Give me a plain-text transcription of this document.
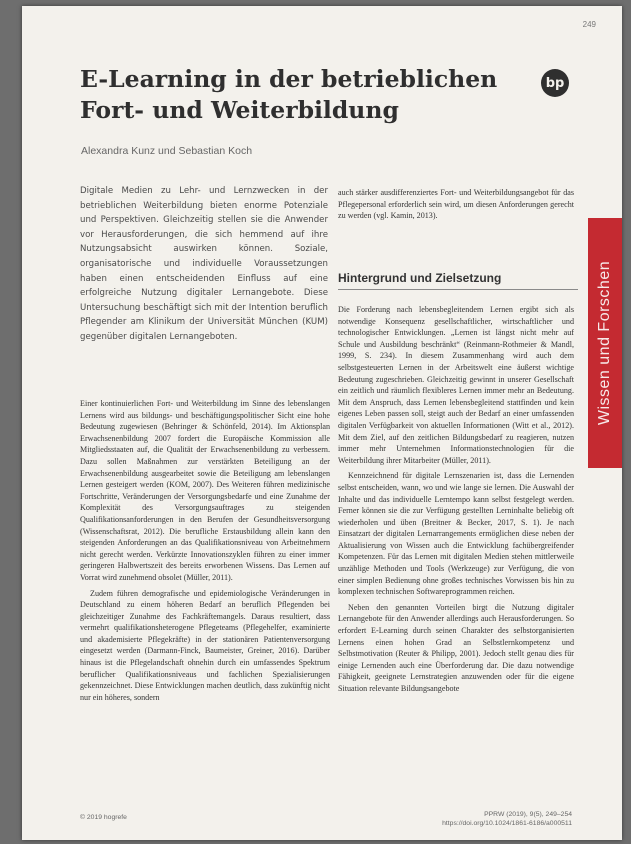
249
E-Learning in der betrieblichen
Fort- und Weiterbildung
bp
Alexandra Kunz und Sebastian Koch
Wissen und Forschen

Digitale Medien zu Lehr- und Lernzwecken in der betrieblichen Weiterbildung bieten enorme Potenziale und Perspektiven. Gleichzeitig stellen sie die Anwender vor Herausforderungen, die sich hemmend auf ihre Nutzungsabsicht auswirken können. Soziale, organisatorische und individuelle Voraussetzungen haben einen entscheidenden Einfluss auf eine erfolgreiche Nutzung digitaler Lernangebote. Diese Untersuchung beschäftigt sich mit der Intention beruflich Pflegender am Klinikum der Universität München (KUM) gegenüber digitalen Lernangeboten.

Einer kontinuierlichen Fort- und Weiterbildung im Sinne des lebenslangen Lernens wird aus bildungs- und beschäftigungspolitischer Sicht eine hohe Bedeutung zugewiesen (Behringer & Schönfeld, 2014). Im Aktionsplan Erwachsenenbildung 2007 fordert die Europäische Kommission alle Mitgliedsstaaten auf, die Qualität der Erwachsenenbildung zu verbessern. Dazu sollen Maßnahmen zur verstärkten Beteiligung an der Erwachsenenbildung ausgearbeitet sowie die Beteiligung am lebenslangen Lernen gesteigert werden (KOM, 2007). Des Weiteren führen medizinische Fortschritte, Veränderungen der Versorgungsbedarfe und eine Zunahme der Komplexität des Versorgungsauftrages zu steigenden Qualifikationsanforderungen in den Berufen der Gesundheitsversorgung (Wissenschaftsrat, 2012). Die berufliche Erstausbildung allein kann den steigenden Anforderungen an das Qualifikationsniveau von Arbeitnehmern nicht gerecht werden. Verkürzte Innovationszyklen führen zu einer immer geringeren Halbwertszeit des bereits erworbenen Wissens. Das Lernen auf Vorrat wird zunehmend obsolet (Müller, 2011).

Zudem führen demografische und epidemiologische Veränderungen in Deutschland zu einem höheren Bedarf an beruflich Pflegenden bei gleichzeitiger Zunahme des Fachkräftemangels. Daraus resultiert, dass vermehrt qualifikationsheterogene Pflegeteams (Pflegehelfer, examinierte und akademisierte Pflegekräfte) in der stationären Patientenversorgung eingesetzt werden (Darmann-Finck, Baumeister, Greiner, 2016). Darüber hinaus ist die Pflegelandschaft ohnehin durch ein umfassendes Spektrum beruflicher Qualifikationsniveaus und fachlichen Spezialisierungen gekennzeichnet. Diese Entwicklungen machen deutlich, dass zukünftig nicht nur ein höheres, sondern

auch stärker ausdifferenziertes Fort- und Weiterbildungsangebot für das Pflegepersonal erforderlich sein wird, um diesen Anforderungen gerecht zu werden (vgl. Kamin, 2013).

Hintergrund und Zielsetzung

Die Forderung nach lebensbegleitendem Lernen ergibt sich als notwendige Konsequenz gesellschaftlicher, wirtschaftlicher und technologischer Entwicklungen. „Lernen ist längst nicht mehr auf Schule und Ausbildung beschränkt“ (Reinmann-Rothmeier & Mandl, 1999, S. 234). In diesem Zusammenhang wird auch dem selbstgesteuerten Lernen in der Arbeitswelt eine äußerst wichtige Bedeutung zugeschrieben. Gleichzeitig gewinnt in unserer Gesellschaft ein zeitlich und räumlich flexibleres Lernen immer mehr an Bedeutung. Mit dem Anspruch, dass Lernen lebensbegleitend stattfinden und kein eigenes Leben passen soll, steigt auch der Bedarf an einer umfassenden digitalen Verfügbarkeit von aktuellen Informationen (Witt et al., 2012). Mit dem Ziel, auf den zeitlichen Bildungsbedarf zu reagieren, nutzen immer mehr Unternehmen Informationstechnologien für die Weiterbildung ihrer Mitarbeiter (Müller, 2011).

Kennzeichnend für digitale Lernszenarien ist, dass die Lernenden selbst entscheiden, wann, wo und wie lange sie lernen. Die Auswahl der Inhalte und das individuelle Lerntempo kann selbst festgelegt werden. Ferner können sie die zur Verfügung gestellten Lerninhalte beliebig oft wiederholen und üben (Breitner & Becker, 2017, S. 1). Je nach Einsatzart der digitalen Lernarrangements ermöglichen diese neben der Aktualisierung von Wissen auch die Entwicklung fachübergreifender Kompetenzen. Für das Lernen mit digitalen Medien stehen mittlerweile unzählige Methoden und Tools (Werkzeuge) zur Verfügung, die von einer simplen Bedienung ohne großes technisches Vorwissen bis hin zu komplexen technischen Softwareprogrammen reichen.

Neben den genannten Vorteilen birgt die Nutzung digitaler Lernangebote für den Anwender allerdings auch Herausforderungen. So erfordert E-Learning durch seinen Charakter des selbstorganisierten Lernens einen hohen Grad an Selbstlernkompetenz und Selbstmotivation (Reuter & Philipp, 2001). Jedoch stellt genau dies für einige Lernenden auch eine Überforderung dar. Die dazu notwendige Fähigkeit, geeignete Lernstrategien anzuwenden oder für die eigene Situation relevante Bildungsangebote

© 2019 hogrefe	PPRW (2019), 9(5), 249–254
https://doi.org/10.1024/1861-6186/a000511
